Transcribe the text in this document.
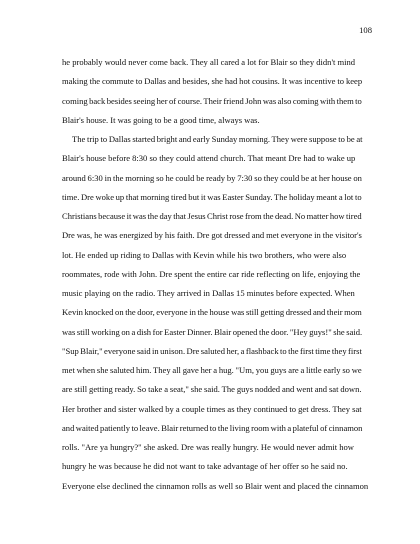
108
he probably would never come back. They all cared a lot for Blair so they didn't mind
making the commute to Dallas and besides, she had hot cousins. It was incentive to keep
coming back besides seeing her of course. Their friend John was also coming with them to
Blair's house. It was going to be a good time, always was.
The trip to Dallas started bright and early Sunday morning. They were suppose to be at
Blair's house before 8:30 so they could attend church. That meant Dre had to wake up
around 6:30 in the morning so he could be ready by 7:30 so they could be at her house on
time. Dre woke up that morning tired but it was Easter Sunday. The holiday meant a lot to
Christians because it was the day that Jesus Christ rose from the dead. No matter how tired
Dre was, he was energized by his faith. Dre got dressed and met everyone in the visitor's
lot. He ended up riding to Dallas with Kevin while his two brothers, who were also
roommates, rode with John. Dre spent the entire car ride reflecting on life, enjoying the
music playing on the radio. They arrived in Dallas 15 minutes before expected. When
Kevin knocked on the door, everyone in the house was still getting dressed and their mom
was still working on a dish for Easter Dinner. Blair opened the door. "Hey guys!" she said.
"Sup Blair," everyone said in unison. Dre saluted her, a flashback to the first time they first
met when she saluted him. They all gave her a hug. "Um, you guys are a little early so we
are still getting ready. So take a seat," she said. The guys nodded and went and sat down.
Her brother and sister walked by a couple times as they continued to get dress. They sat
and waited patiently to leave. Blair returned to the living room with a plateful of cinnamon
rolls. "Are ya hungry?" she asked. Dre was really hungry. He would never admit how
hungry he was because he did not want to take advantage of her offer so he said no.
Everyone else declined the cinnamon rolls as well so Blair went and placed the cinnamon
